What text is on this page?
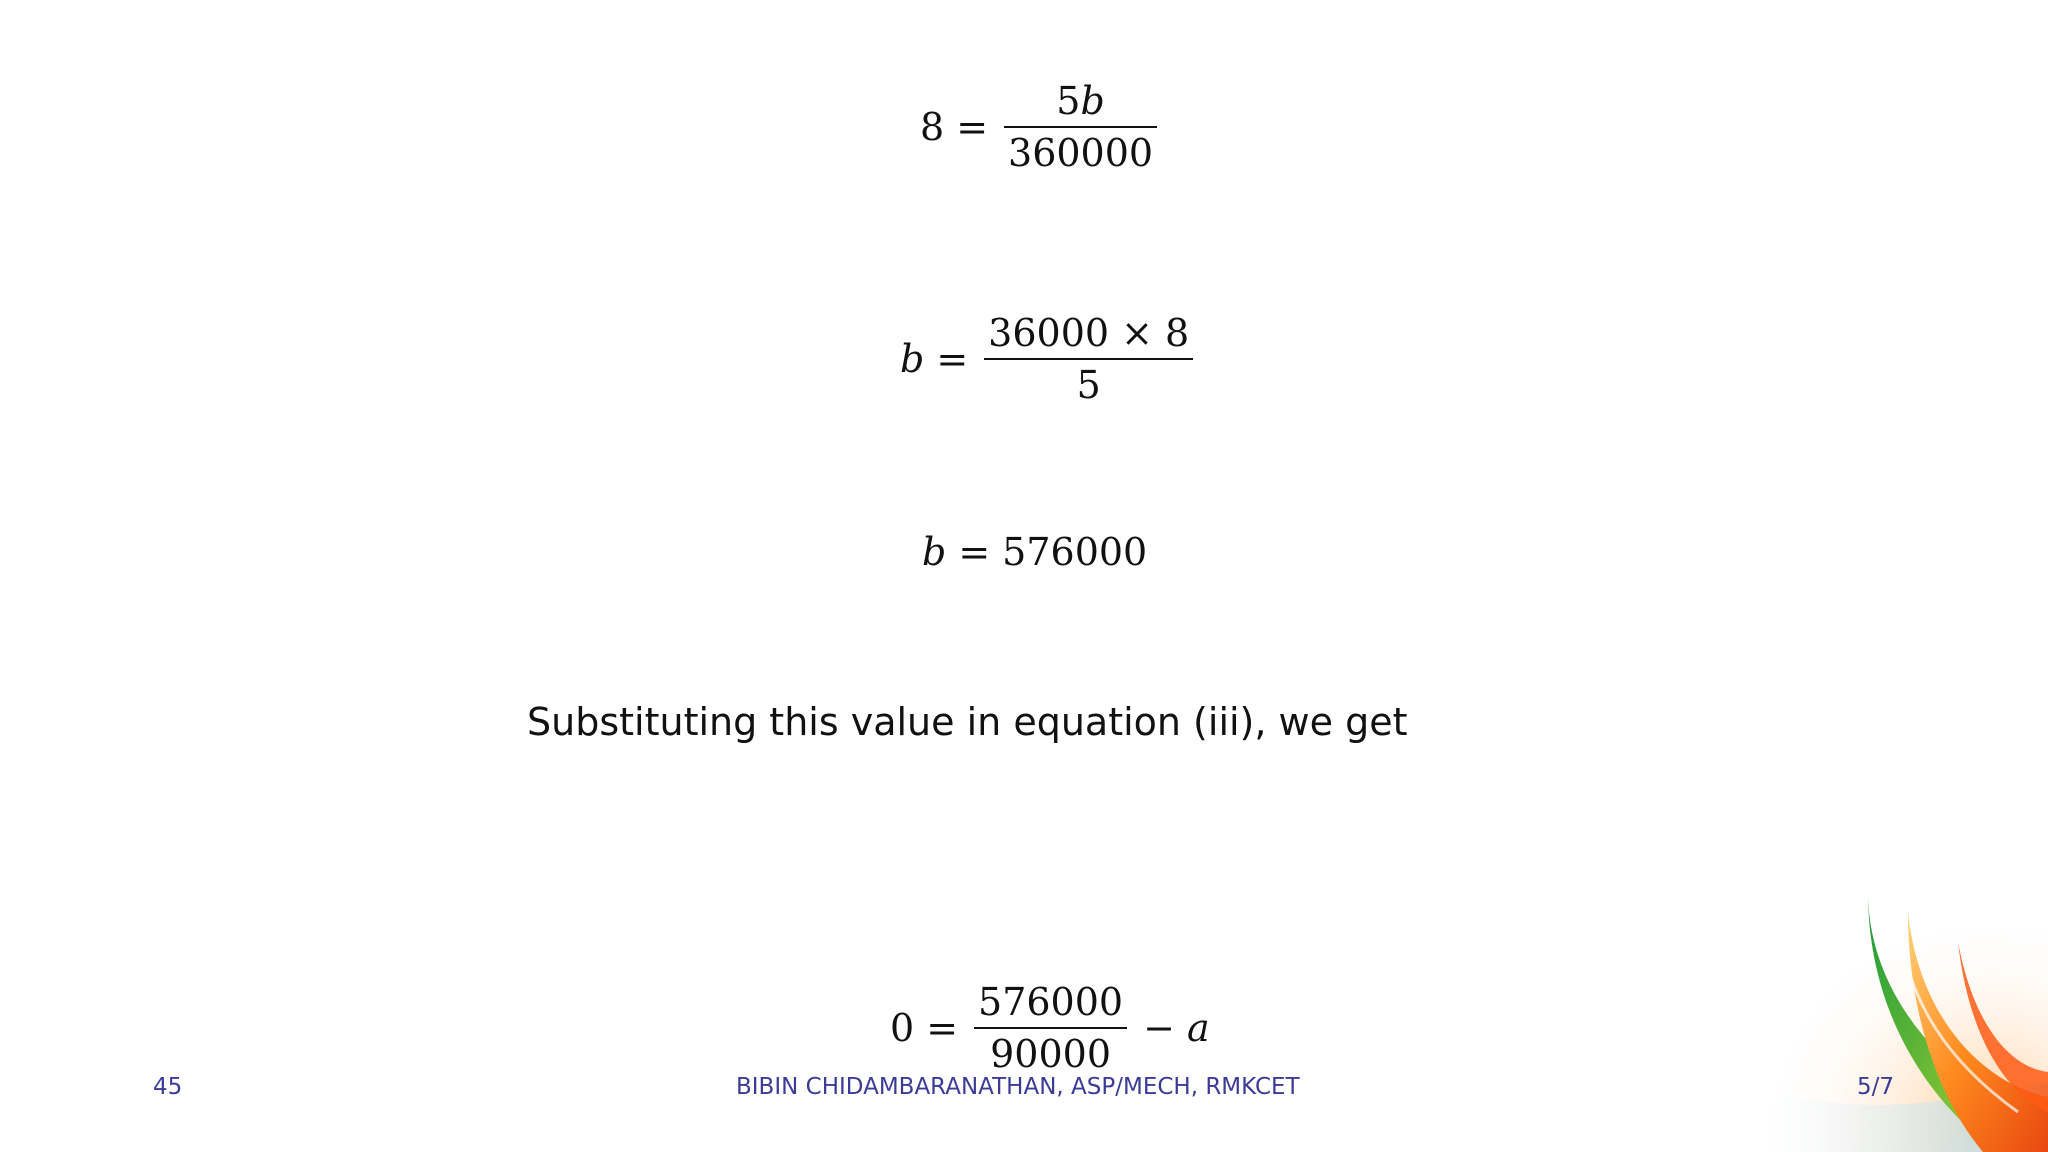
$8 = \frac{5b}{360000}$
$b = \frac{36000 \times 8}{5}$
b = 576000
Substituting this value in equation (iii), we get
$0 = \frac{576000}{90000} - a$
45	BIBIN CHIDAMBARANATHAN, ASP/MECH, RMKCET	5/7
